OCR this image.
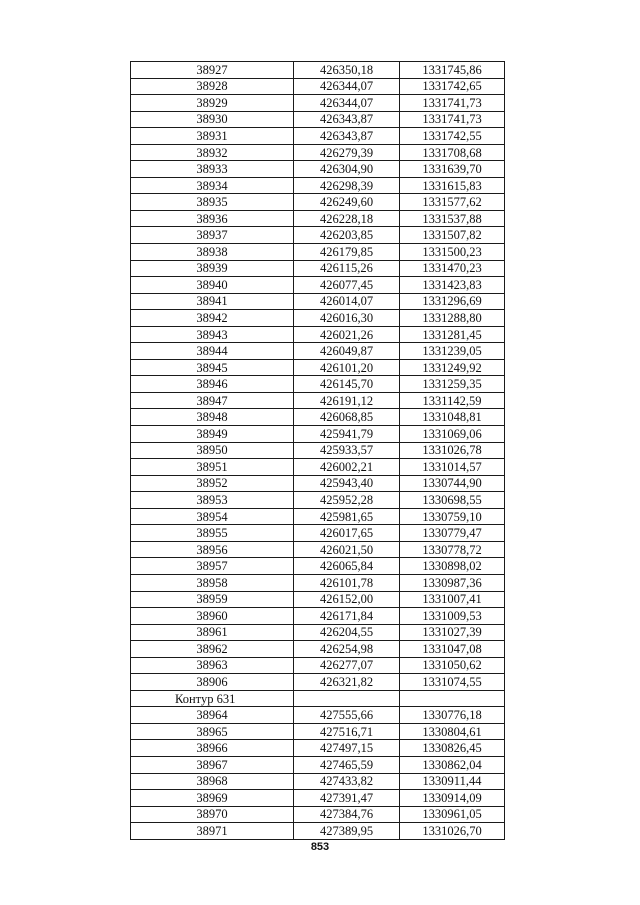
38927	426350,18	1331745,86
38928	426344,07	1331742,65
38929	426344,07	1331741,73
38930	426343,87	1331741,73
38931	426343,87	1331742,55
38932	426279,39	1331708,68
38933	426304,90	1331639,70
38934	426298,39	1331615,83
38935	426249,60	1331577,62
38936	426228,18	1331537,88
38937	426203,85	1331507,82
38938	426179,85	1331500,23
38939	426115,26	1331470,23
38940	426077,45	1331423,83
38941	426014,07	1331296,69
38942	426016,30	1331288,80
38943	426021,26	1331281,45
38944	426049,87	1331239,05
38945	426101,20	1331249,92
38946	426145,70	1331259,35
38947	426191,12	1331142,59
38948	426068,85	1331048,81
38949	425941,79	1331069,06
38950	425933,57	1331026,78
38951	426002,21	1331014,57
38952	425943,40	1330744,90
38953	425952,28	1330698,55
38954	425981,65	1330759,10
38955	426017,65	1330779,47
38956	426021,50	1330778,72
38957	426065,84	1330898,02
38958	426101,78	1330987,36
38959	426152,00	1331007,41
38960	426171,84	1331009,53
38961	426204,55	1331027,39
38962	426254,98	1331047,08
38963	426277,07	1331050,62
38906	426321,82	1331074,55
Контур 631		
38964	427555,66	1330776,18
38965	427516,71	1330804,61
38966	427497,15	1330826,45
38967	427465,59	1330862,04
38968	427433,82	1330911,44
38969	427391,47	1330914,09
38970	427384,76	1330961,05
38971	427389,95	1331026,70
853
